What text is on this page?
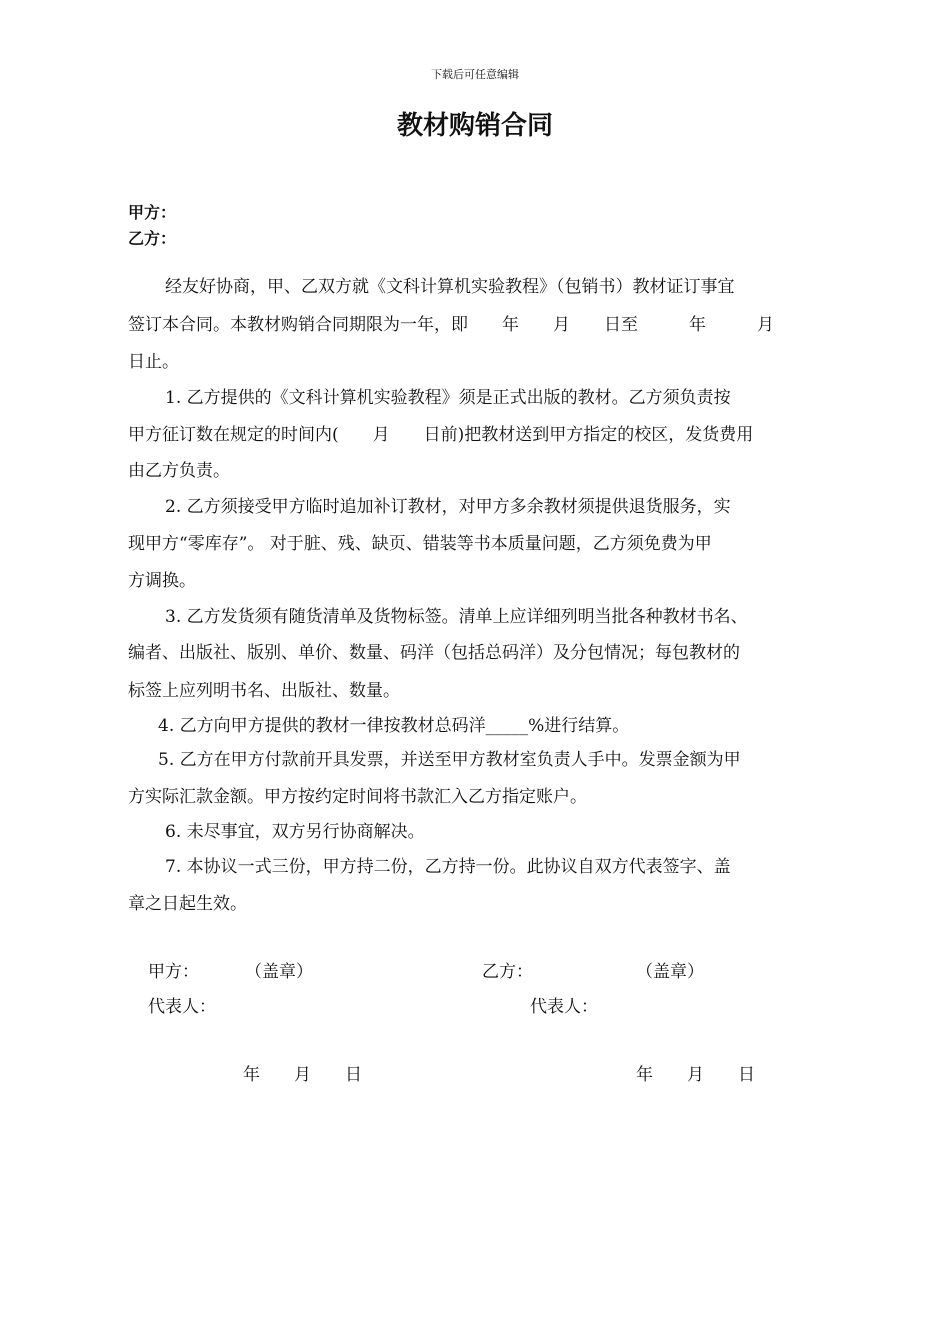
下载后可任意编辑
教材购销合同
甲方：
乙方：
经友好协商，甲、乙双方就《文科计算机实验教程》（包销书）教材证订事宜
签订本合同。本教材购销合同期限为一年，即　　年　　月　　日至　　　年　　　月
日止。
1. 乙方提供的《文科计算机实验教程》须是正式出版的教材。乙方须负责按
甲方征订数在规定的时间内(　　月　　日前)把教材送到甲方指定的校区，发货费用
由乙方负责。
2. 乙方须接受甲方临时追加补订教材，对甲方多余教材须提供退货服务，实
现甲方“零库存”。 对于脏、残、缺页、错装等书本质量问题，乙方须免费为甲
方调换。
3. 乙方发货须有随货清单及货物标签。清单上应详细列明当批各种教材书名、
编者、出版社、版别、单价、数量、码洋（包括总码洋）及分包情况；每包教材的
标签上应列明书名、出版社、数量。
4. 乙方向甲方提供的教材一律按教材总码洋_____%进行结算。
5. 乙方在甲方付款前开具发票，并送至甲方教材室负责人手中。发票金额为甲
方实际汇款金额。甲方按约定时间将书款汇入乙方指定账户。
6. 未尽事宜，双方另行协商解决。
7. 本协议一式三份，甲方持二份，乙方持一份。此协议自双方代表签字、盖
章之日起生效。
甲方：	（盖章）	乙方：	（盖章）
代表人：	代表人：
年　　月　　日	年　　月　　日
